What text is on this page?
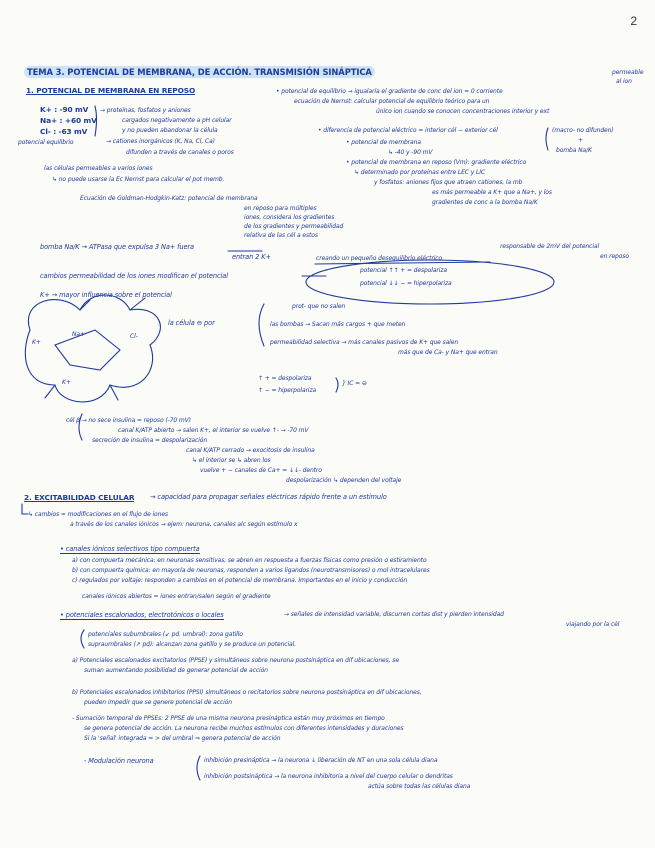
2
TEMA 3. POTENCIAL DE MEMBRANA, DE ACCIÓN. TRANSMISIÓN SINÁPTICA
1. POTENCIAL DE MEMBRANA EN REPOSO
K+ : -90 mV
Na+ : +60 mV
Cl- : -63 mV
potencial equilibrio
→ proteínas, fosfatos y aniones
cargados negativamente a pH celular
y no pueden abandonar la célula
→ cationes inorgánicos (K, Na, Cl, Ca)
difunden a través de canales o poros
permeable
al ion
• potencial de equilibrio → igualaría el gradiente de conc del ion = 0 corriente
ecuación de Nernst: calcular potencial de equilibrio teórico para un
único ion cuando se conocen concentraciones interior y ext
• diferencia de potencial eléctrico = interior cél − exterior cél
• potencial de membrana
↳ -40 y -90 mV
• potencial de membrana en reposo (Vm): gradiente eléctrico
↳ determinado por proteínas entre LEC y LIC
y fosfatos: aniones fijos que atraen cationes, la mb
es más permeable a K+ que a Na+, y los
gradientes de conc a la bomba Na/K
(macro- no difunden)
+
bomba Na/K
las células permeables a varios iones
↳ no puede usarse la Ec Nernst para calcular el pot memb.
Ecuación de Goldman-Hodgkin-Katz: potencial de membrana
en reposo para múltiples
iones, considera los gradientes
de los gradientes y permeabilidad
relativa de las cél a estos
bomba Na/K → ATPasa que expulsa 3 Na+ fuera
entran 2 K+	creando un pequeño desequilibrio eléctrico
responsable de 2mV del potencial
en reposo
cambios permeabilidad de los iones modifican el potencial
potencial ↑↑ + = despolariza
potencial ↓↓ − = hiperpolariza
K+ → mayor influencia sobre el potencial
la célula ⊖ por
prot- que no salen
las bombas → Sacan más cargos + que meten
permeabilidad selectiva → más canales pasivos de K+ que salen
más que de Ca- y Na+ que entran
↑ + = despolariza
↑ − = hiperpolariza
} IC = ⊖
K+
Na+
K+
Cl-
cél β → no sece insulina = reposo (-70 mV)
canal K/ATP abierto → salen K+, el interior se vuelve ↑- → -70 mV
secreción de insulina = despolarización
canal K/ATP cerrado → exocitosis de insulina
↳ el interior se ↳ abren los
vuelve + − canales de Ca+ = ↓↓- dentro
despolarización ↳ dependen del voltaje
2. EXCITABILIDAD CELULAR → capacidad para propagar señales eléctricas rápido frente a un estímulo
↳ cambios = modificaciones en el flujo de iones
a través de los canales iónicos → ejem: neurona, canales alc según estímulo x
• canales iónicos selectivos tipo compuerta
a) con compuerta mecánica: en neuronas sensitivas, se abren en respuesta a fuerzas físicas como presión o estiramiento
b) con compuerta química: en mayoría de neuronas, responden a varios ligandos (neurotransmisores) o mol intracelulares
c) regulados por voltaje: responden a cambios en el potencial de membrana. Importantes en el inicio y conducción
canales iónicos abiertos = iones entran/salen según el gradiente
• potenciales escalonados, electrotónicos o locales	→ señales de intensidad variable, discurren cortas dist y pierden intensidad
viajando por la cél
potenciales subumbrales (↙ pd. umbral): zona gatillo
supraumbrales (↗ pd): alcanzan zona gatillo y se produce un potencial.
a) Potenciales escalonados excitatorios (PPSE) y simultáneos sobre neurona postsináptica en dif ubicaciones, se
suman aumentando posibilidad de generar potencial de acción
b) Potenciales escalonados inhibitorios (PPSI) simultáneos o recitatorios sobre neurona postsináptica en dif ubicaciones,
pueden impedir que se genere potencial de acción
- Sumación temporal de PPSEs: 2 PPSE de una misma neurona presináptica están muy próximos en tiempo
se genera potencial de acción. La neurona recibe muchos estímulos con diferentes intensidades y duraciones
Si la 'señal' integrada = > del umbral ⇒ genera potencial de acción
- Modulación neurona	inhibición presináptica → la neurona ↓ liberación de NT en una sola célula diana
inhibición postsináptica → la neurona inhibitoria a nivel del cuerpo celular o dendritas
actúa sobre todas las células diana
